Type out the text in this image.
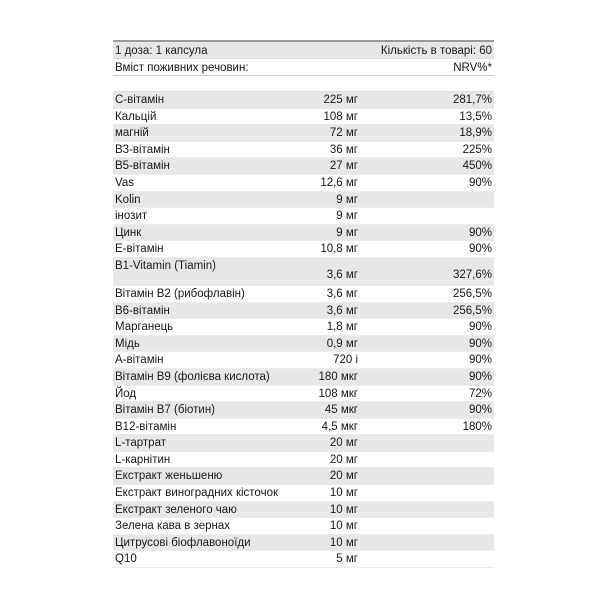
1 доза: 1 капсула	Кількість в товарі: 60
Вміст поживних речовин:	NRV%*
C-вітамін	225 мг	281,7%
Кальцій	108 мг	13,5%
магній	72 мг	18,9%
B3-вітамін	36 мг	225%
B5-вітамін	27 мг	450%
Vas	12,6 мг	90%
Kolin	9 мг
інозит	9 мг
Цинк	9 мг	90%
E-вітамін	10,8 мг	90%
B1-Vitamin (Tiamin)
3,6 мг	327,6%
Вітамін B2 (рибофлавін)	3,6 мг	256,5%
B6-вітамін	3,6 мг	256,5%
Марганець	1,8 мг	90%
Мідь	0,9 мг	90%
A-вітамін	720 і	90%
Вітамін B9 (фолієва кислота)	180 мкг	90%
Йод	108 мкг	72%
Вітамін B7 (біотин)	45 мкг	90%
B12-вітамін	4,5 мкг	180%
L-тартрат	20 мг
L-карнітин	20 мг
Екстракт женьшеню	20 мг
Екстракт виноградних кісточок	10 мг
Екстракт зеленого чаю	10 мг
Зелена кава в зернах	10 мг
Цитрусові біофлавоноїди	10 мг
Q10	5 мг
